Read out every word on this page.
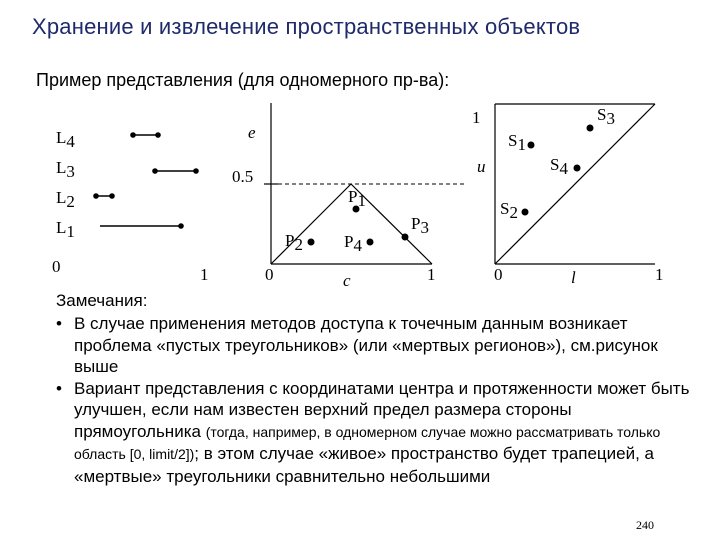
Хранение и извлечение пространственных объектов
Пример представления (для одномерного пр-ва):
L4
L3
L2
L1
0	1
e
1
0.5
0	1
c
P1
P2
P3
P4
u
l
0	1
S1
S2
S3
S4
Замечания:
• В случае применения методов доступа к точечным данным возникает проблема «пустых треугольников» (или «мертвых регионов»), см.рисунок выше
• Вариант представления с координатами центра и протяженности может быть улучшен, если нам известен верхний предел размера стороны прямоугольника (тогда, например, в одномерном случае можно рассматривать только область [0, limit/2]); в этом случае «живое» пространство будет трапецией, а «мертвые» треугольники сравнительно небольшими
240
